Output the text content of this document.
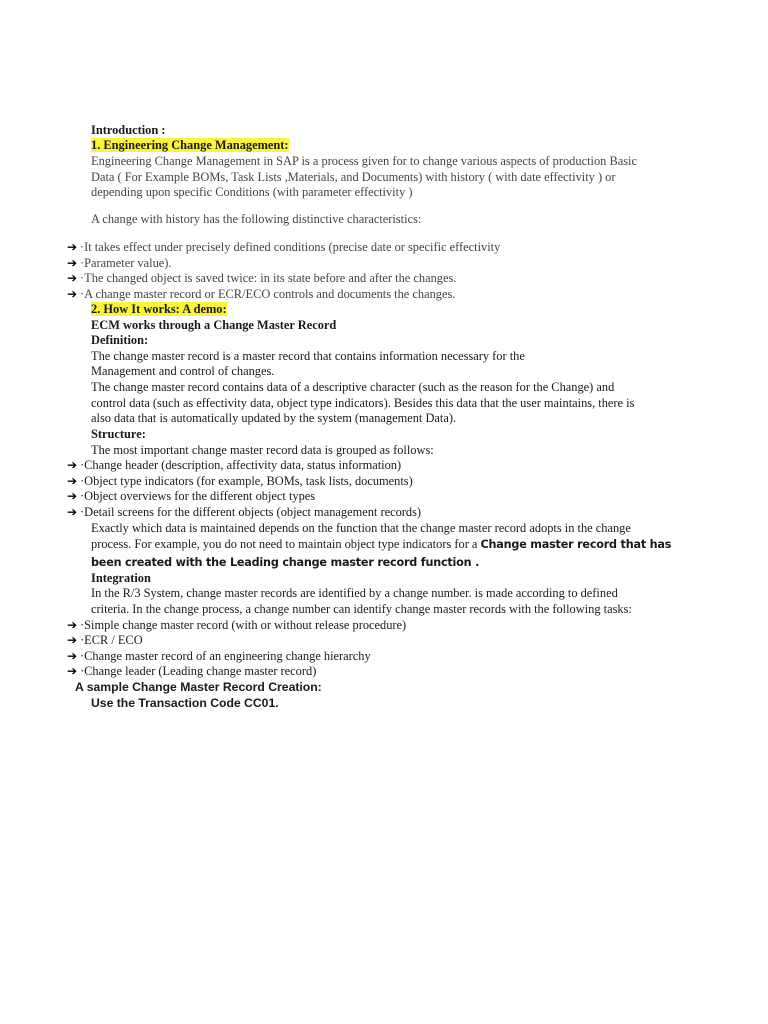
Introduction :
1. Engineering Change Management:
Engineering Change Management in SAP is a process given for to change various aspects of production Basic
Data ( For Example BOMs, Task Lists ,Materials, and Documents) with history ( with date effectivity ) or
depending upon specific Conditions (with parameter effectivity )
A change with history has the following distinctive characteristics:
➔ ·It takes effect under precisely defined conditions (precise date or specific effectivity
➔ ·Parameter value).
➔ ·The changed object is saved twice: in its state before and after the changes.
➔ ·A change master record or ECR/ECO controls and documents the changes.
2. How It works: A demo:
ECM works through a Change Master Record
Definition:
The change master record is a master record that contains information necessary for the
Management and control of changes.
The change master record contains data of a descriptive character (such as the reason for the Change) and
control data (such as effectivity data, object type indicators). Besides this data that the user maintains, there is
also data that is automatically updated by the system (management Data).
Structure:
The most important change master record data is grouped as follows:
➔ ·Change header (description, affectivity data, status information)
➔ ·Object type indicators (for example, BOMs, task lists, documents)
➔ ·Object overviews for the different object types
➔ ·Detail screens for the different objects (object management records)
Exactly which data is maintained depends on the function that the change master record adopts in the change
process. For example, you do not need to maintain object type indicators for a Change master record that has
been created with the Leading change master record function .
Integration
In the R/3 System, change master records are identified by a change number. is made according to defined
criteria. In the change process, a change number can identify change master records with the following tasks:
➔ ·Simple change master record (with or without release procedure)
➔ ·ECR / ECO
➔ ·Change master record of an engineering change hierarchy
➔ ·Change leader (Leading change master record)
A sample Change Master Record Creation:
Use the Transaction Code CC01.
